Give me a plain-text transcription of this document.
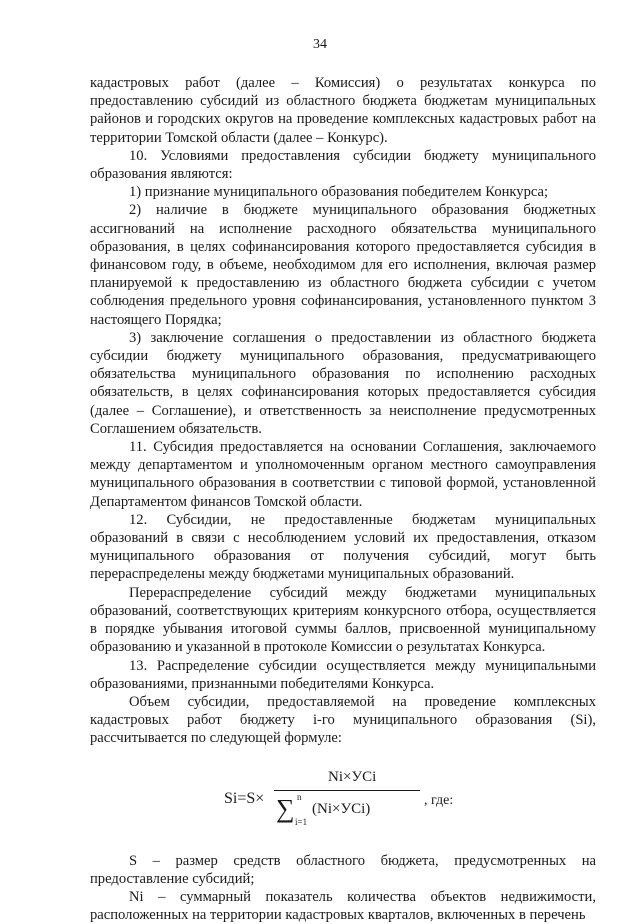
34

кадастровых работ (далее – Комиссия) о результатах конкурса по предоставлению субсидий из областного бюджета бюджетам муниципальных районов и городских округов на проведение комплексных кадастровых работ на территории Томской области (далее – Конкурс).

10. Условиями предоставления субсидии бюджету муниципального образования являются:

1) признание муниципального образования победителем Конкурса;

2) наличие в бюджете муниципального образования бюджетных ассигнований на исполнение расходного обязательства муниципального образования, в целях софинансирования которого предоставляется субсидия в финансовом году, в объеме, необходимом для его исполнения, включая размер планируемой к предоставлению из областного бюджета субсидии с учетом соблюдения предельного уровня софинансирования, установленного пунктом 3 настоящего Порядка;

3) заключение соглашения о предоставлении из областного бюджета субсидии бюджету муниципального образования, предусматривающего обязательства муниципального образования по исполнению расходных обязательств, в целях софинансирования которых предоставляется субсидия (далее – Соглашение), и ответственность за неисполнение предусмотренных Соглашением обязательств.

11. Субсидия предоставляется на основании Соглашения, заключаемого между департаментом и уполномоченным органом местного самоуправления муниципального образования в соответствии с типовой формой, установленной Департаментом финансов Томской области.

12. Субсидии, не предоставленные бюджетам муниципальных образований в связи с несоблюдением условий их предоставления, отказом муниципального образования от получения субсидий, могут быть перераспределены между бюджетами муниципальных образований.

Перераспределение субсидий между бюджетами муниципальных образований, соответствующих критериям конкурсного отбора, осуществляется в порядке убывания итоговой суммы баллов, присвоенной муниципальному образованию и указанной в протоколе Комиссии о результатах Конкурса.

13. Распределение субсидии осуществляется между муниципальными образованиями, признанными победителями Конкурса.

Объем субсидии, предоставляемой на проведение комплексных кадастровых работ бюджету i-го муниципального образования (Si), рассчитывается по следующей формуле:

Si=S×
Ni×УСi
∑ n
i=1
(Ni×УСi)
, где:

S – размер средств областного бюджета, предусмотренных на предоставление субсидий;

Ni – суммарный показатель количества объектов недвижимости, расположенных на территории кадастровых кварталов, включенных в перечень
